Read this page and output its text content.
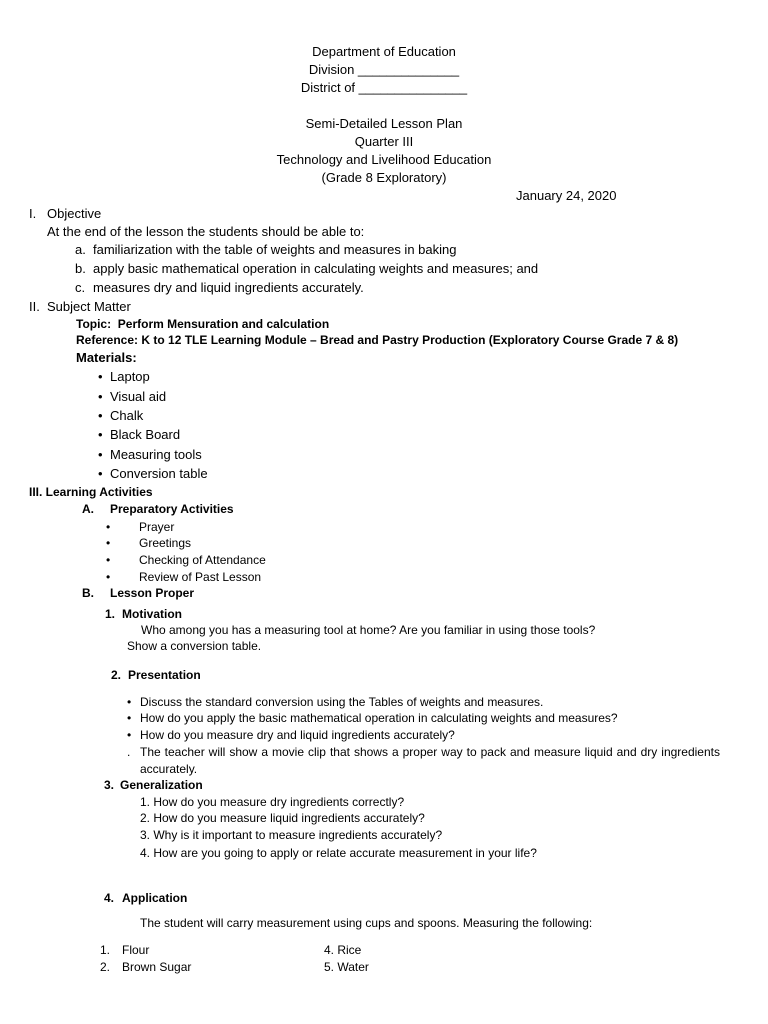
Department of Education
Division ______________
District of _______________
Semi-Detailed Lesson Plan
Quarter III
Technology and Livelihood Education
(Grade 8 Exploratory)
January 24, 2020
I. Objective
At the end of the lesson the students should be able to:
a. familiarization with the table of weights and measures in baking
b. apply basic mathematical operation in calculating weights and measures; and
c. measures dry and liquid ingredients accurately.
II. Subject Matter
Topic: Perform Mensuration and calculation
Reference: K to 12 TLE Learning Module – Bread and Pastry Production (Exploratory Course Grade 7 & 8)
Materials:
• Laptop
• Visual aid
• Chalk
• Black Board
• Measuring tools
• Conversion table
III. Learning Activities
A. Preparatory Activities
• Prayer
• Greetings
• Checking of Attendance
• Review of Past Lesson
B. Lesson Proper
1. Motivation
Who among you has a measuring tool at home? Are you familiar in using those tools?
Show a conversion table.
2. Presentation
• Discuss the standard conversion using the Tables of weights and measures.
• How do you apply the basic mathematical operation in calculating weights and measures?
• How do you measure dry and liquid ingredients accurately?
. The teacher will show a movie clip that shows a proper way to pack and measure liquid and dry ingredients accurately.
3. Generalization
1. How do you measure dry ingredients correctly?
2. How do you measure liquid ingredients accurately?
3. Why is it important to measure ingredients accurately?
4. How are you going to apply or relate accurate measurement in your life?
4. Application
The student will carry measurement using cups and spoons. Measuring the following:
1. Flour
2. Brown Sugar
4. Rice
5. Water
